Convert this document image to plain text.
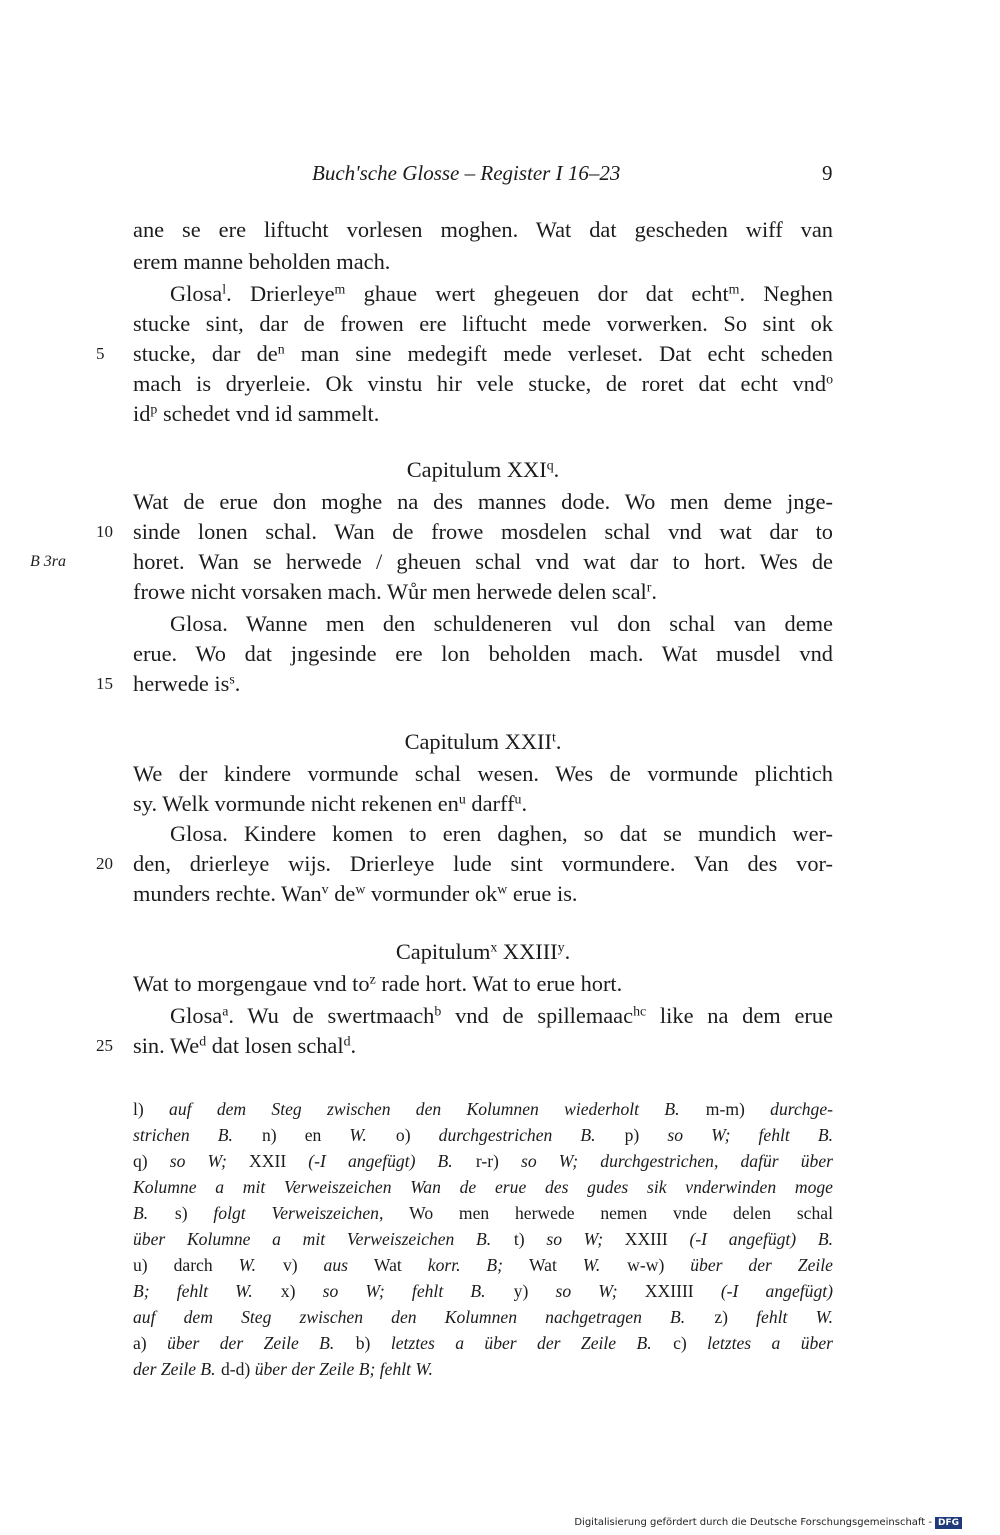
Buch'sche Glosse – Register I 16–23	9
ane se ere liftucht vorlesen moghen. Wat dat gescheden wiff van
erem manne beholden mach.
Glosa$^l$. Drierleye$^m$ ghaue wert ghegeuen dor dat echt$^m$. Neghen
stucke sint, dar de frowen ere liftucht mede vorwerken. So sint ok
stucke, dar $de^n$ man sine medegift mede verleset. Dat echt scheden
5
mach is dryerleie. Ok vinstu hir vele stucke, de roret dat echt vnd$^o$
$id^p$ schedet vnd id sammelt.
Capitulum XXI$^q$.
Wat de erue don moghe na des mannes dode. Wo men deme jnge-
sinde lonen schal. Wan de frowe mosdelen schal vnd wat dar to
10
horet. Wan se herwede / gheuen schal vnd wat dar to hort. Wes de
B 3ra
frowe nicht vorsaken mach. Wůr men herwede delen scal$^r$.
Glosa. Wanne men den schuldeneren vul don schal van deme
erue. Wo dat jngesinde ere lon beholden mach. Wat musdel vnd
herwede $is^s$.
15
Capitulum XXII$^t$.
We der kindere vormunde schal wesen. Wes de vormunde plichtich
sy. Welk vormunde nicht rekenen $en^u$ darff$^u$.
Glosa. Kindere komen to eren daghen, so dat se mundich wer-
den, drierleye wijs. Drierleye lude sint vormundere. Van des vor-
20
munders rechte. Wan$^v$ $de^w$ vormunder $ok^w$ erue is.
Capitulum$^x$ XXIII$^y$.
Wat to morgengaue vnd $to^z$ rade hort. Wat to erue hort.
Glosa$^a$. Wu de swertmaach$^b$ vnd de spillemaac$^{hc}$ like na dem erue
sin. We$^d$ dat losen schal$^d$.
25
l) auf dem Steg zwischen den Kolumnen wiederholt B. m-m) durchge-
strichen B. n) en W. o) durchgestrichen B. p) so W; fehlt B.
q) so W; XXII (-I angefügt) B. r-r) so W; durchgestrichen, dafür über
Kolumne a mit Verweiszeichen Wan de erue des gudes sik vnderwinden moge
B. s) folgt Verweiszeichen, Wo men herwede nemen vnde delen schal
über Kolumne a mit Verweiszeichen B. t) so W; XXIII (-I angefügt) B.
u) darch W. v) aus Wat korr. B; Wat W. w-w) über der Zeile
B; fehlt W. x) so W; fehlt B. y) so W; XXIIII (-I angefügt)
auf dem Steg zwischen den Kolumnen nachgetragen B. z) fehlt W.
a) über der Zeile B. b) letztes a über der Zeile B. c) letztes a über
der Zeile B. d-d) über der Zeile B; fehlt W.
Digitalisierung gefördert durch die Deutsche Forschungsgemeinschaft - DFG
